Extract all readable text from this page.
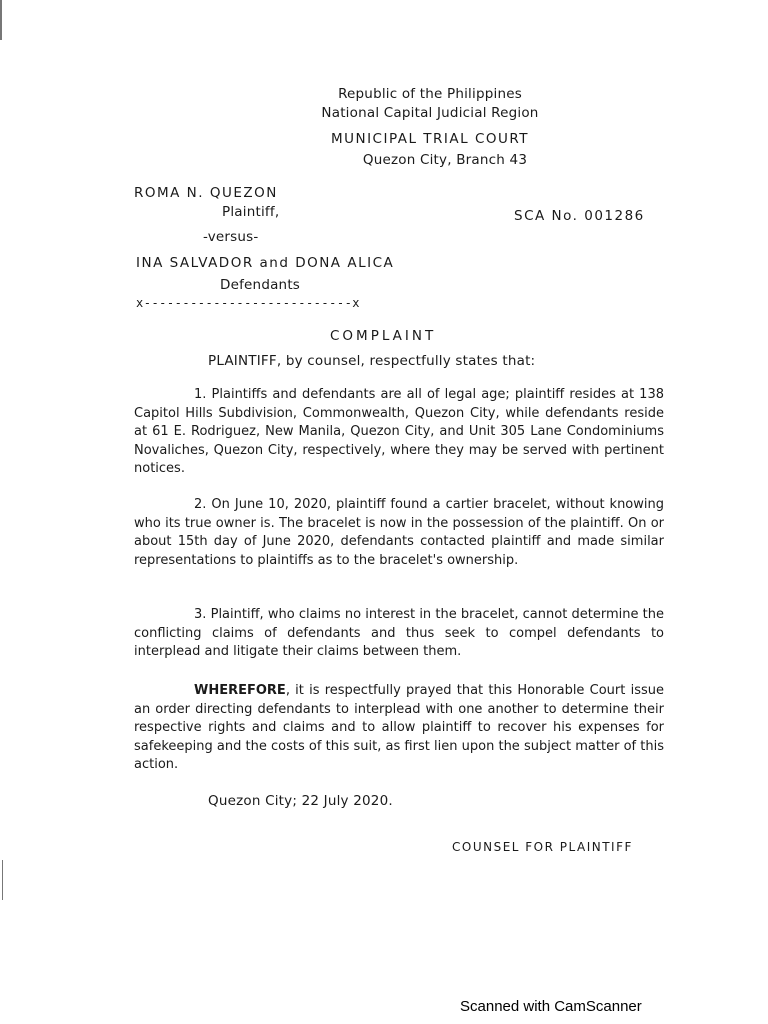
Republic of the Philippines
National Capital Judicial Region
MUNICIPAL TRIAL COURT
Quezon City, Branch 43
ROMA N. QUEZON
Plaintiff,	SCA No. 001286
-versus-
INA SALVADOR and DONA ALICA
Defendants
x---------------------------x
COMPLAINT
PLAINTIFF, by counsel, respectfully states that:
1. Plaintiffs and defendants are all of legal age; plaintiff resides at 138 Capitol Hills Subdivision, Commonwealth, Quezon City, while defendants reside at 61 E. Rodriguez, New Manila, Quezon City, and Unit 305 Lane Condominiums Novaliches, Quezon City, respectively, where they may be served with pertinent notices.
2. On June 10, 2020, plaintiff found a cartier bracelet, without knowing who its true owner is. The bracelet is now in the possession of the plaintiff. On or about 15th day of June 2020, defendants contacted plaintiff and made similar representations to plaintiffs as to the bracelet's ownership.
3. Plaintiff, who claims no interest in the bracelet, cannot determine the conflicting claims of defendants and thus seek to compel defendants to interplead and litigate their claims between them.
WHEREFORE, it is respectfully prayed that this Honorable Court issue an order directing defendants to interplead with one another to determine their respective rights and claims and to allow plaintiff to recover his expenses for safekeeping and the costs of this suit, as first lien upon the subject matter of this action.
Quezon City; 22 July 2020.
COUNSEL FOR PLAINTIFF
Scanned with CamScanner
